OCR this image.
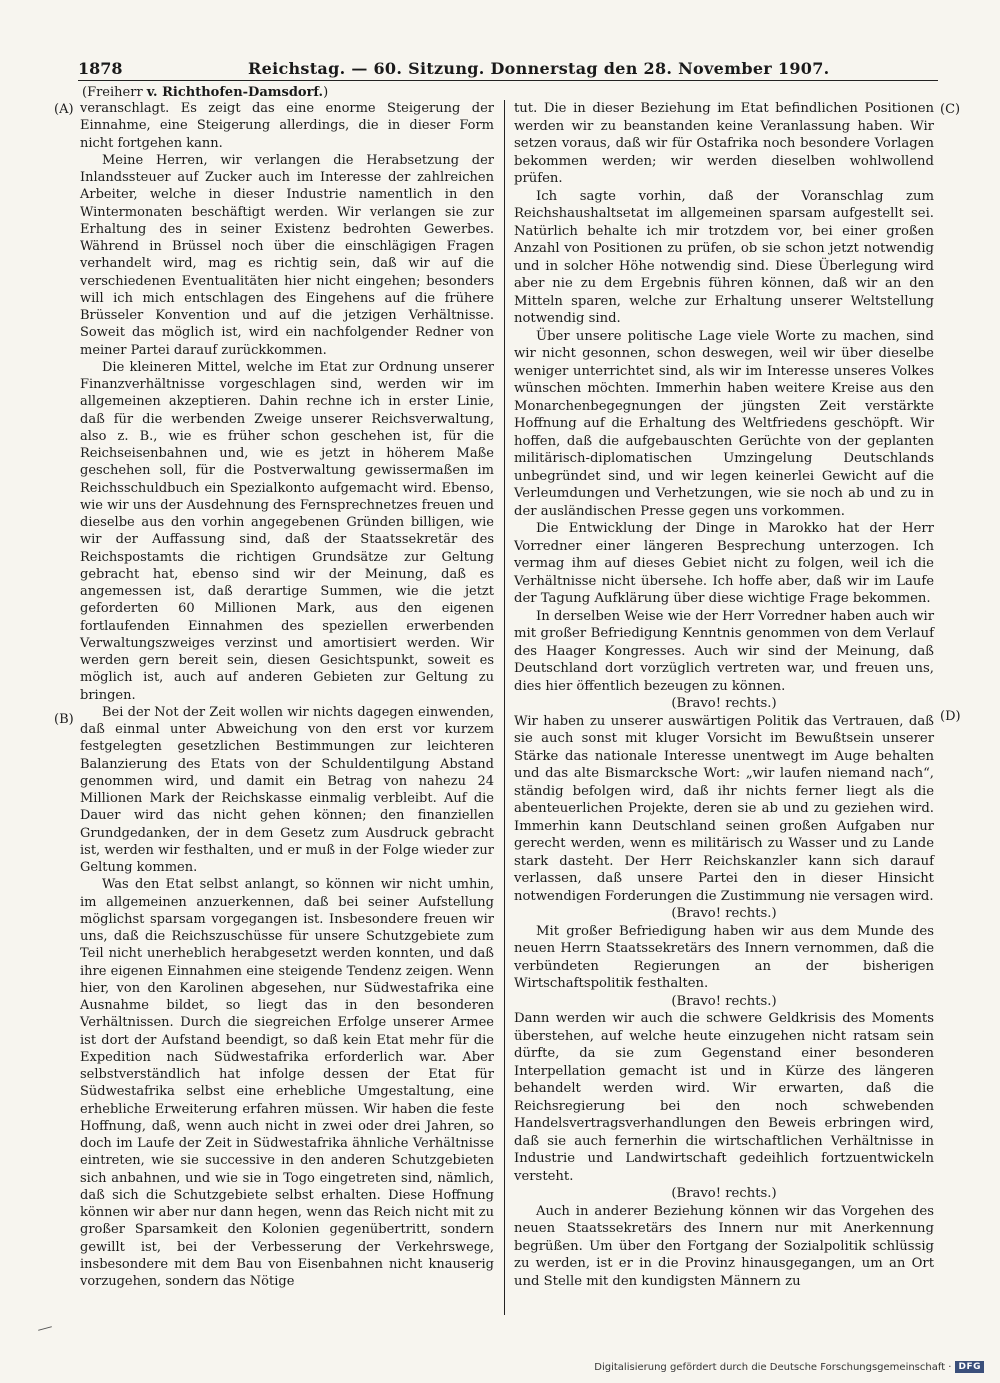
1878	Reichstag. — 60. Sitzung. Donnerstag den 28. November 1907.
(Freiherr v. Richthofen-Damsdorf.)
(A)
(B)
(C)
(D)

veranschlagt. Es zeigt das eine enorme Steigerung der Einnahme, eine Steigerung allerdings, die in dieser Form nicht fortgehen kann.

Meine Herren, wir verlangen die Herabsetzung der Inlandssteuer auf Zucker auch im Interesse der zahlreichen Arbeiter, welche in dieser Industrie namentlich in den Wintermonaten beschäftigt werden. Wir verlangen sie zur Erhaltung des in seiner Existenz bedrohten Gewerbes. Während in Brüssel noch über die einschlägigen Fragen verhandelt wird, mag es richtig sein, daß wir auf die verschiedenen Eventualitäten hier nicht eingehen; besonders will ich mich entschlagen des Eingehens auf die frühere Brüsseler Konvention und auf die jetzigen Verhältnisse. Soweit das möglich ist, wird ein nachfolgender Redner von meiner Partei darauf zurückkommen.

Die kleineren Mittel, welche im Etat zur Ordnung unserer Finanzverhältnisse vorgeschlagen sind, werden wir im allgemeinen akzeptieren. Dahin rechne ich in erster Linie, daß für die werbenden Zweige unserer Reichsverwaltung, also z. B., wie es früher schon geschehen ist, für die Reichseisenbahnen und, wie es jetzt in höherem Maße geschehen soll, für die Postverwaltung gewissermaßen im Reichsschuldbuch ein Spezialkonto aufgemacht wird. Ebenso, wie wir uns der Ausdehnung des Fernsprechnetzes freuen und dieselbe aus den vorhin angegebenen Gründen billigen, wie wir der Auffassung sind, daß der Staatssekretär des Reichspostamts die richtigen Grundsätze zur Geltung gebracht hat, ebenso sind wir der Meinung, daß es angemessen ist, daß derartige Summen, wie die jetzt geforderten 60 Millionen Mark, aus den eigenen fortlaufenden Einnahmen des speziellen erwerbenden Verwaltungszweiges verzinst und amortisiert werden. Wir werden gern bereit sein, diesen Gesichtspunkt, soweit es möglich ist, auch auf anderen Gebieten zur Geltung zu bringen.

Bei der Not der Zeit wollen wir nichts dagegen einwenden, daß einmal unter Abweichung von den erst vor kurzem festgelegten gesetzlichen Bestimmungen zur leichteren Balanzierung des Etats von der Schuldentilgung Abstand genommen wird, und damit ein Betrag von nahezu 24 Millionen Mark der Reichskasse einmalig verbleibt. Auf die Dauer wird das nicht gehen können; den finanziellen Grundgedanken, der in dem Gesetz zum Ausdruck gebracht ist, werden wir festhalten, und er muß in der Folge wieder zur Geltung kommen.

Was den Etat selbst anlangt, so können wir nicht umhin, im allgemeinen anzuerkennen, daß bei seiner Aufstellung möglichst sparsam vorgegangen ist. Insbesondere freuen wir uns, daß die Reichszuschüsse für unsere Schutzgebiete zum Teil nicht unerheblich herabgesetzt werden konnten, und daß ihre eigenen Einnahmen eine steigende Tendenz zeigen. Wenn hier, von den Karolinen abgesehen, nur Südwestafrika eine Ausnahme bildet, so liegt das in den besonderen Verhältnissen. Durch die siegreichen Erfolge unserer Armee ist dort der Aufstand beendigt, so daß kein Etat mehr für die Expedition nach Südwestafrika erforderlich war. Aber selbstverständlich hat infolge dessen der Etat für Südwestafrika selbst eine erhebliche Umgestaltung, eine erhebliche Erweiterung erfahren müssen. Wir haben die feste Hoffnung, daß, wenn auch nicht in zwei oder drei Jahren, so doch im Laufe der Zeit in Südwestafrika ähnliche Verhältnisse eintreten, wie sie successive in den anderen Schutzgebieten sich anbahnen, und wie sie in Togo eingetreten sind, nämlich, daß sich die Schutzgebiete selbst erhalten. Diese Hoffnung können wir aber nur dann hegen, wenn das Reich nicht mit zu großer Sparsamkeit den Kolonien gegenübertritt, sondern gewillt ist, bei der Verbesserung der Verkehrswege, insbesondere mit dem Bau von Eisenbahnen nicht knauserig vorzugehen, sondern das Nötige

tut. Die in dieser Beziehung im Etat befindlichen Positionen werden wir zu beanstanden keine Veranlassung haben. Wir setzen voraus, daß wir für Ostafrika noch besondere Vorlagen bekommen werden; wir werden dieselben wohlwollend prüfen.

Ich sagte vorhin, daß der Voranschlag zum Reichshaushaltsetat im allgemeinen sparsam aufgestellt sei. Natürlich behalte ich mir trotzdem vor, bei einer großen Anzahl von Positionen zu prüfen, ob sie schon jetzt notwendig und in solcher Höhe notwendig sind. Diese Überlegung wird aber nie zu dem Ergebnis führen können, daß wir an den Mitteln sparen, welche zur Erhaltung unserer Weltstellung notwendig sind.

Über unsere politische Lage viele Worte zu machen, sind wir nicht gesonnen, schon deswegen, weil wir über dieselbe weniger unterrichtet sind, als wir im Interesse unseres Volkes wünschen möchten. Immerhin haben weitere Kreise aus den Monarchenbegegnungen der jüngsten Zeit verstärkte Hoffnung auf die Erhaltung des Weltfriedens geschöpft. Wir hoffen, daß die aufgebauschten Gerüchte von der geplanten militärisch-diplomatischen Umzingelung Deutschlands unbegründet sind, und wir legen keinerlei Gewicht auf die Verleumdungen und Verhetzungen, wie sie noch ab und zu in der ausländischen Presse gegen uns vorkommen.

Die Entwicklung der Dinge in Marokko hat der Herr Vorredner einer längeren Besprechung unterzogen. Ich vermag ihm auf dieses Gebiet nicht zu folgen, weil ich die Verhältnisse nicht übersehe. Ich hoffe aber, daß wir im Laufe der Tagung Aufklärung über diese wichtige Frage bekommen.

In derselben Weise wie der Herr Vorredner haben auch wir mit großer Befriedigung Kenntnis genommen von dem Verlauf des Haager Kongresses. Auch wir sind der Meinung, daß Deutschland dort vorzüglich vertreten war, und freuen uns, dies hier öffentlich bezeugen zu können.

(Bravo! rechts.)

Wir haben zu unserer auswärtigen Politik das Vertrauen, daß sie auch sonst mit kluger Vorsicht im Bewußtsein unserer Stärke das nationale Interesse unentwegt im Auge behalten und das alte Bismarcksche Wort: „wir laufen niemand nach“, ständig befolgen wird, daß ihr nichts ferner liegt als die abenteuerlichen Projekte, deren sie ab und zu geziehen wird. Immerhin kann Deutschland seinen großen Aufgaben nur gerecht werden, wenn es militärisch zu Wasser und zu Lande stark dasteht. Der Herr Reichskanzler kann sich darauf verlassen, daß unsere Partei den in dieser Hinsicht notwendigen Forderungen die Zustimmung nie versagen wird.

(Bravo! rechts.)

Mit großer Befriedigung haben wir aus dem Munde des neuen Herrn Staatssekretärs des Innern vernommen, daß die verbündeten Regierungen an der bisherigen Wirtschaftspolitik festhalten.

(Bravo! rechts.)

Dann werden wir auch die schwere Geldkrisis des Moments überstehen, auf welche heute einzugehen nicht ratsam sein dürfte, da sie zum Gegenstand einer besonderen Interpellation gemacht ist und in Kürze des längeren behandelt werden wird. Wir erwarten, daß die Reichsregierung bei den noch schwebenden Handelsvertragsverhandlungen den Beweis erbringen wird, daß sie auch fernerhin die wirtschaftlichen Verhältnisse in Industrie und Landwirtschaft gedeihlich fortzuentwickeln versteht.

(Bravo! rechts.)

Auch in anderer Beziehung können wir das Vorgehen des neuen Staatssekretärs des Innern nur mit Anerkennung begrüßen. Um über den Fortgang der Sozialpolitik schlüssig zu werden, ist er in die Provinz hinausgegangen, um an Ort und Stelle mit den kundigsten Männern zu

Digitalisierung gefördert durch die Deutsche Forschungsgemeinschaft · DFG
